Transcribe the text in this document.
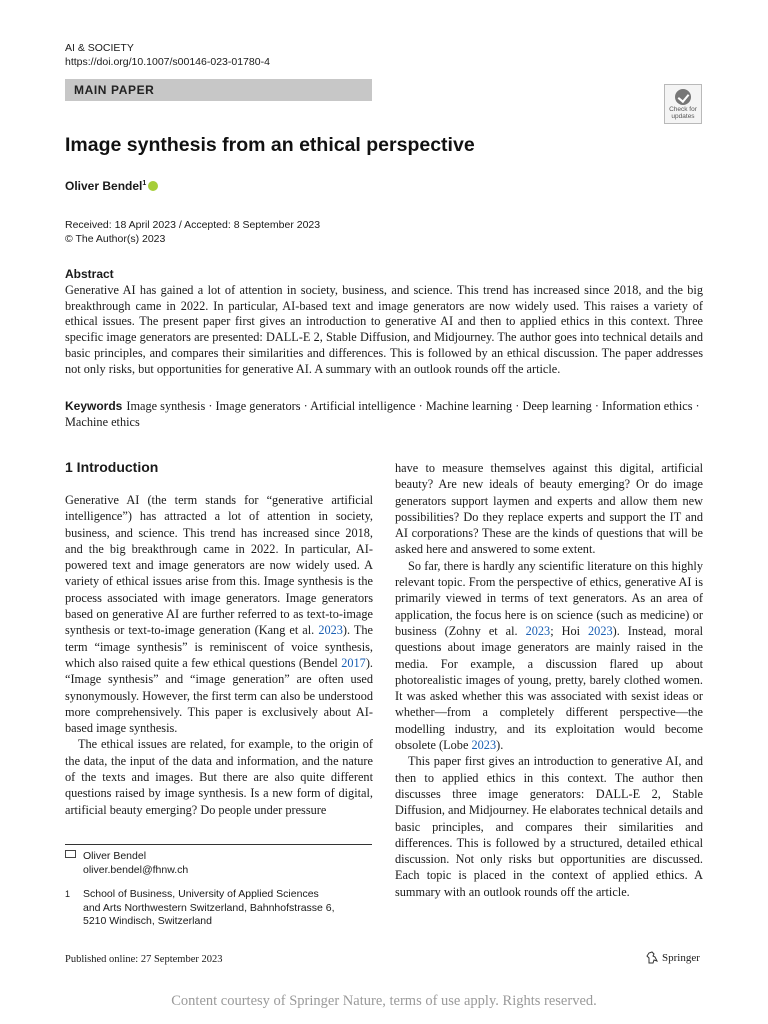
AI & SOCIETY
https://doi.org/10.1007/s00146-023-01780-4
MAIN PAPER
Check for updates
Image synthesis from an ethical perspective
Oliver Bendel$^1$
Received: 18 April 2023 / Accepted: 8 September 2023
© The Author(s) 2023
Abstract
Generative AI has gained a lot of attention in society, business, and science. This trend has increased since 2018, and the big breakthrough came in 2022. In particular, AI-based text and image generators are now widely used. This raises a variety of ethical issues. The present paper first gives an introduction to generative AI and then to applied ethics in this context. Three specific image generators are presented: DALL-E 2, Stable Diffusion, and Midjourney. The author goes into technical details and basic principles, and compares their similarities and differences. This is followed by an ethical discussion. The paper addresses not only risks, but opportunities for generative AI. A summary with an outlook rounds off the article.
Keywords Image synthesis · Image generators · Artificial intelligence · Machine learning · Deep learning · Information ethics · Machine ethics
1 Introduction

Generative AI (the term stands for “generative artificial intelligence”) has attracted a lot of attention in society, business, and science. This trend has increased since 2018, and the big breakthrough came in 2022. In particular, AI-powered text and image generators are now widely used. A variety of ethical issues arise from this. Image synthesis is the process associated with image generators. Image generators based on generative AI are further referred to as text-to-image synthesis or text-to-image generation (Kang et al. 2023). The term “image synthesis” is reminiscent of voice synthesis, which also raised quite a few ethical questions (Bendel 2017). “Image synthesis” and “image generation” are often used synonymously. However, the first term can also be understood more comprehensively. This paper is exclusively about AI-based image synthesis.

The ethical issues are related, for example, to the origin of the data, the input of the data and information, and the nature of the texts and images. But there are also quite different questions raised by image synthesis. Is a new form of digital, artificial beauty emerging? Do people under pressure

have to measure themselves against this digital, artificial beauty? Are new ideals of beauty emerging? Or do image generators support laymen and experts and allow them new possibilities? Do they replace experts and support the IT and AI corporations? These are the kinds of questions that will be asked here and answered to some extent.

So far, there is hardly any scientific literature on this highly relevant topic. From the perspective of ethics, generative AI is primarily viewed in terms of text generators. As an area of application, the focus here is on science (such as medicine) or business (Zohny et al. 2023; Hoi 2023). Instead, moral questions about image generators are mainly raised in the media. For example, a discussion flared up about photorealistic images of young, pretty, barely clothed women. It was asked whether this was associated with sexist ideas or whether—from a completely different perspective—the modelling industry, and its exploitation would become obsolete (Lobe 2023).

This paper first gives an introduction to generative AI, and then to applied ethics in this context. The author then discusses three image generators: DALL-E 2, Stable Diffusion, and Midjourney. He elaborates technical details and basic principles, and compares their similarities and differences. This is followed by a structured, detailed ethical discussion. Not only risks but opportunities are discussed. Each topic is placed in the context of applied ethics. A summary with an outlook rounds off the article.

Oliver Bendel
oliver.bendel@fhnw.ch
1	School of Business, University of Applied Sciences
and Arts Northwestern Switzerland, Bahnhofstrasse 6,
5210 Windisch, Switzerland
Published online: 27 September 2023	Springer
Content courtesy of Springer Nature, terms of use apply. Rights reserved.
